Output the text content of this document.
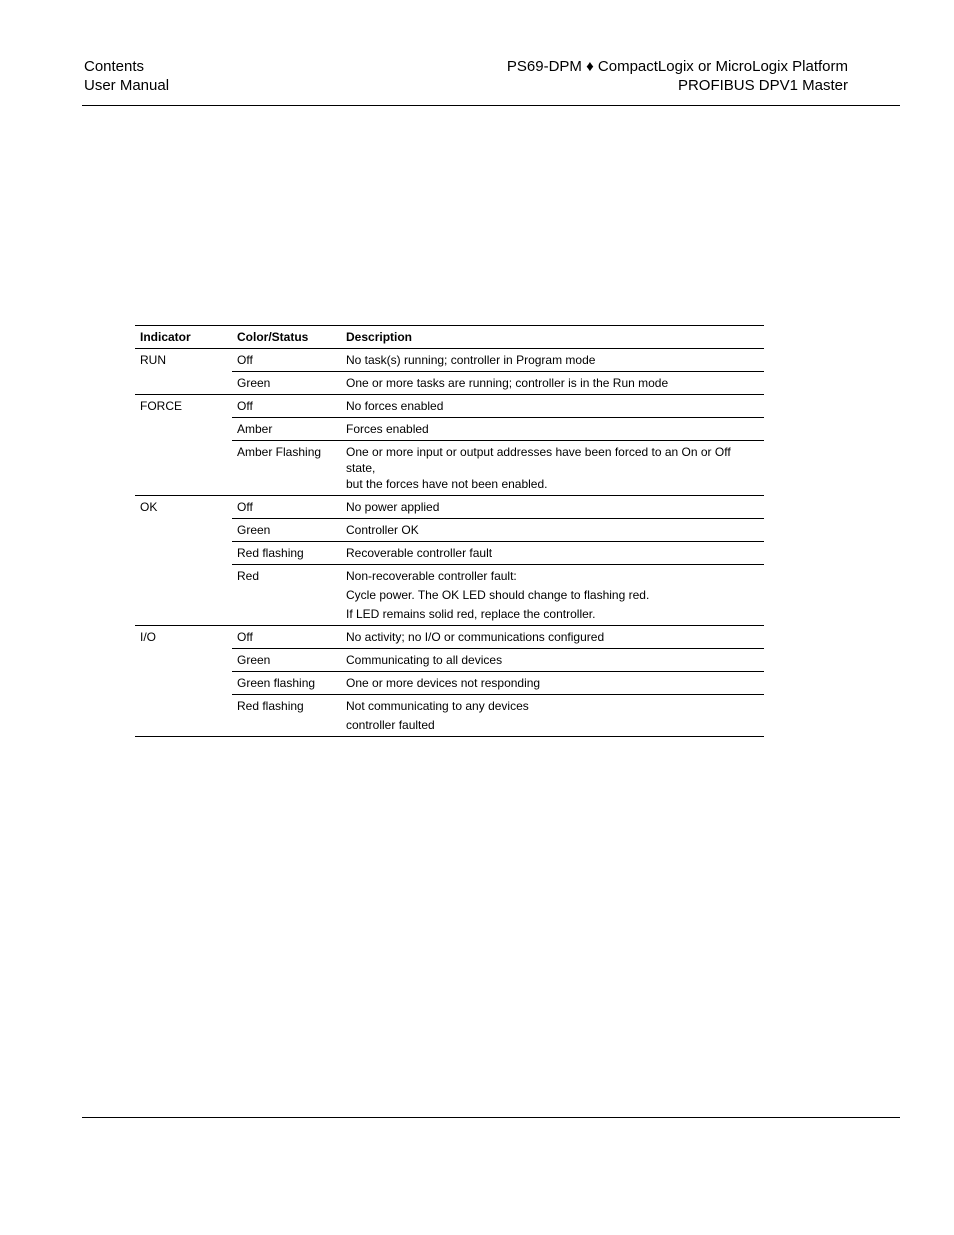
Contents
User Manual
PS69-DPM ♦ CompactLogix or MicroLogix Platform
PROFIBUS DPV1 Master
Indicator	Color/Status	Description
RUN	Off	No task(s) running; controller in Program mode

	Green	One or more tasks are running; controller is in the Run mode

FORCE	Off	No forces enabled

	Amber	Forces enabled

	Amber Flashing	One or more input or output addresses have been forced to an On or Off state,
but the forces have not been enabled.

OK	Off	No power applied

	Green	Controller OK

	Red flashing	Recoverable controller fault

	Red	Non-recoverable controller fault:
Cycle power. The OK LED should change to flashing red.
If LED remains solid red, replace the controller.

I/O	Off	No activity; no I/O or communications configured

	Green	Communicating to all devices

	Green flashing	One or more devices not responding

	Red flashing	Not communicating to any devices
controller faulted
